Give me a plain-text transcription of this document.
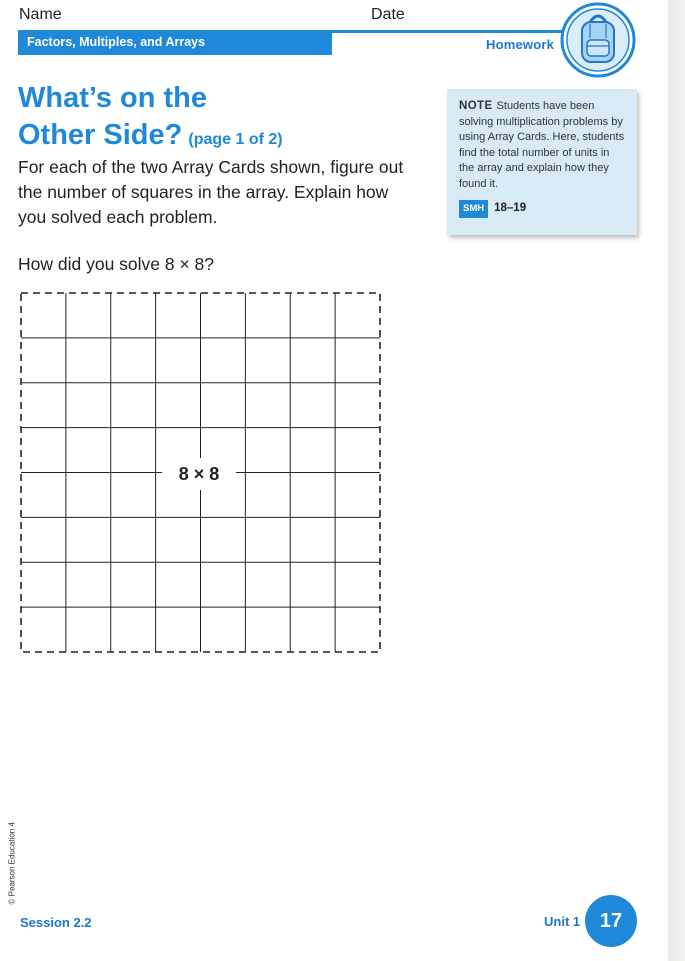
Name	Date
Factors, Multiples, and Arrays	Homework
What’s on the
Other Side? (page 1 of 2)
For each of the two Array Cards shown, figure out the number of squares in the array. Explain how you solved each problem.
NOTE Students have been solving multiplication problems by using Array Cards. Here, students find the total number of units in the array and explain how they found it.
SMH 18–19
How did you solve 8 × 8?
8 × 8
© Pearson Education 4
Session 2.2	Unit 1 17
